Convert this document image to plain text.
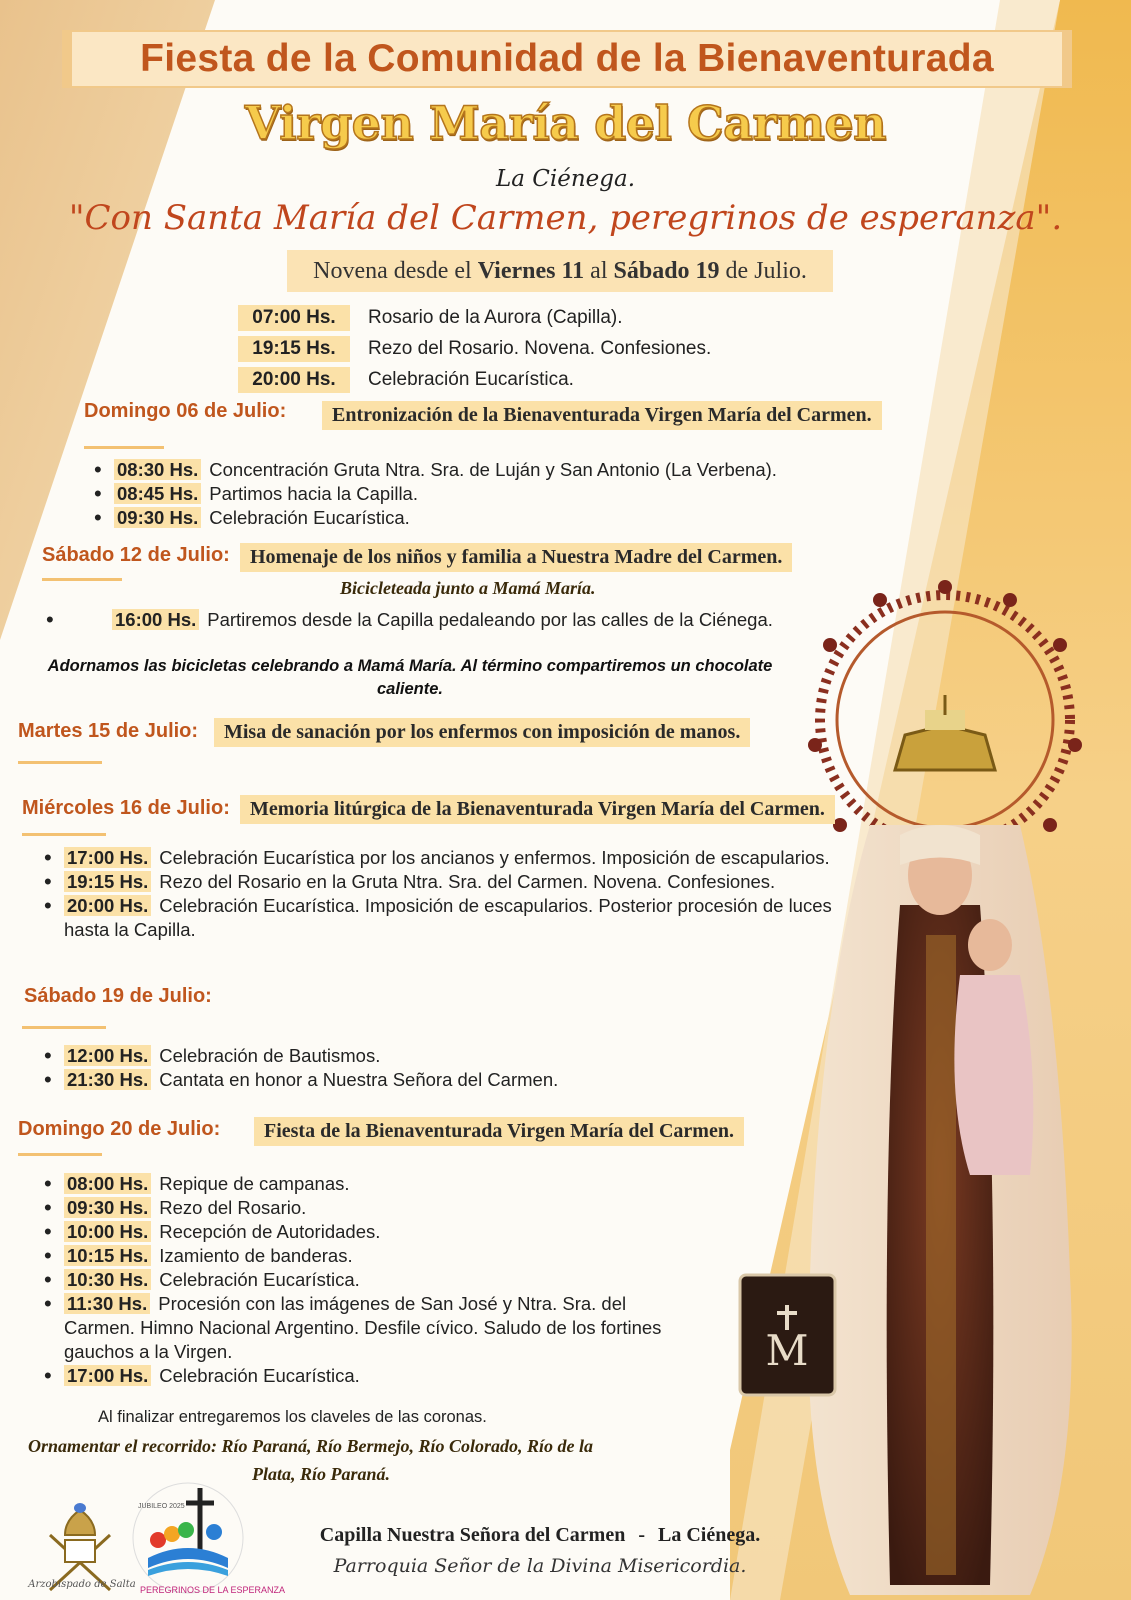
Fiesta de la Comunidad de la Bienaventurada
Virgen María del Carmen
La Ciénega.
"Con Santa María del Carmen, peregrinos de esperanza".
Novena desde el Viernes 11 al Sábado 19 de Julio.
07:00 Hs.	Rosario de la Aurora (Capilla).
19:15 Hs.	Rezo del Rosario. Novena. Confesiones.
20:00 Hs.	Celebración Eucarística.
Domingo 06 de Julio:	Entronización de la Bienaventurada Virgen María del Carmen.
• 08:30 Hs. Concentración Gruta Ntra. Sra. de Luján y San Antonio (La Verbena).
• 08:45 Hs. Partimos hacia la Capilla.
• 09:30 Hs. Celebración Eucarística.
Sábado 12 de Julio:	Homenaje de los niños y familia a Nuestra Madre del Carmen.
Bicicleteada junto a Mamá María.
• 16:00 Hs. Partiremos desde la Capilla pedaleando por las calles de la Ciénega.
Adornamos las bicicletas celebrando a Mamá María. Al término compartiremos un chocolate caliente.
Martes 15 de Julio:	Misa de sanación por los enfermos con imposición de manos.
Miércoles 16 de Julio:	Memoria litúrgica de la Bienaventurada Virgen María del Carmen.
• 17:00 Hs. Celebración Eucarística por los ancianos y enfermos. Imposición de escapularios.
• 19:15 Hs. Rezo del Rosario en la Gruta Ntra. Sra. del Carmen. Novena. Confesiones.
• 20:00 Hs. Celebración Eucarística. Imposición de escapularios. Posterior procesión de luces hasta la Capilla.
Sábado 19 de Julio:
• 12:00 Hs. Celebración de Bautismos.
• 21:30 Hs. Cantata en honor a Nuestra Señora del Carmen.
Domingo 20 de Julio:	Fiesta de la Bienaventurada Virgen María del Carmen.
• 08:00 Hs. Repique de campanas.
• 09:30 Hs. Rezo del Rosario.
• 10:00 Hs. Recepción de Autoridades.
• 10:15 Hs. Izamiento de banderas.
• 10:30 Hs. Celebración Eucarística.
• 11:30 Hs. Procesión con las imágenes de San José y Ntra. Sra. del Carmen. Himno Nacional Argentino. Desfile cívico. Saludo de los fortines gauchos a la Virgen.
• 17:00 Hs. Celebración Eucarística.
Al finalizar entregaremos los claveles de las coronas.
Ornamentar el recorrido: Río Paraná, Río Bermejo, Río Colorado, Río de la
Plata, Río Paraná.
M
Arzobispado de Salta PEREGRINOS DE LA ESPERANZA
JUBILEO 2025
Capilla Nuestra Señora del Carmen - La Ciénega.
Parroquia Señor de la Divina Misericordia.
